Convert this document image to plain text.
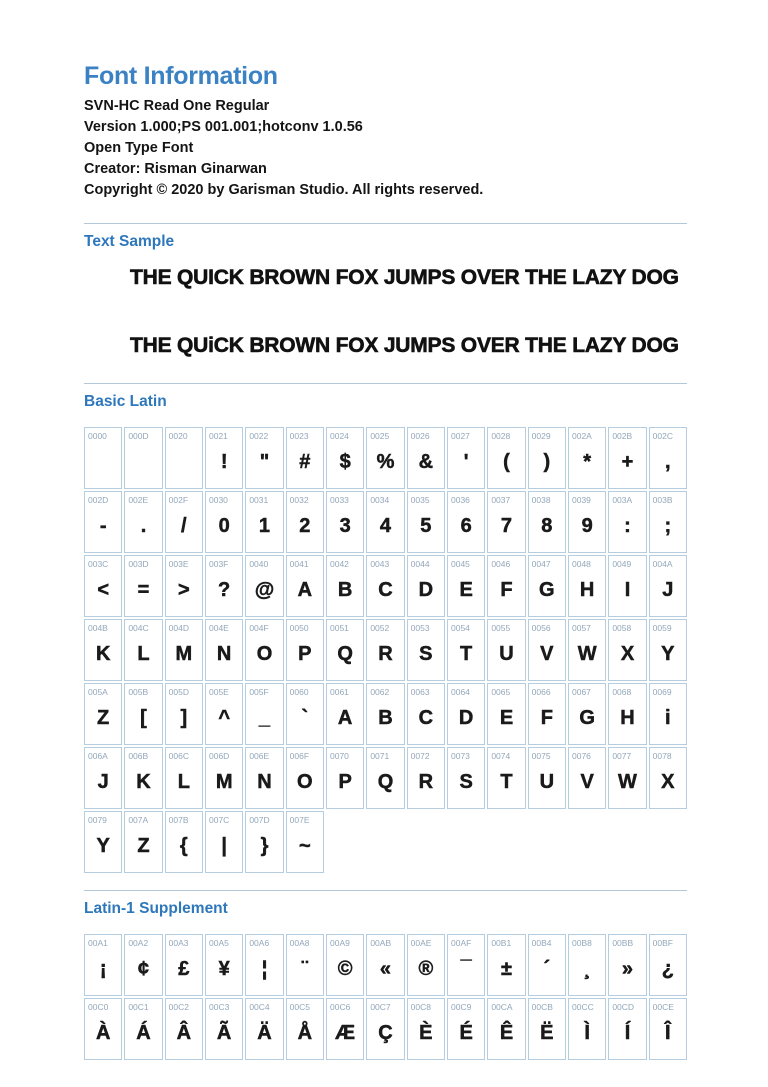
Font Information
SVN-HC Read One Regular
Version 1.000;PS 001.001;hotconv 1.0.56
Open Type Font
Creator: Risman Ginarwan
Copyright © 2020 by Garisman Studio. All rights reserved.
Text Sample
THE QUICK BROWN FOX JUMPS OVER THE LAZY DOG
THE QUiCK BROWN FOX JUMPS OVER THE LAZY DOG
Basic Latin
0000	000D	0020	0021
!
0022
"
0023
#
0024
$
0025
%
0026
&
0027
'
0028
(
0029
)
002A
*
002B
+
002C
,
002D
-
002E
.
002F
/
0030
0
0031
1
0032
2
0033
3
0034
4
0035
5
0036
6
0037
7
0038
8
0039
9
003A
:
003B
;
003C
<
003D
=
003E
>
003F
?
0040
@
0041
A
0042
B
0043
C
0044
D
0045
E
0046
F
0047
G
0048
H
0049
I
004A
J
004B
K
004C
L
004D
M
004E
N
004F
O
0050
P
0051
Q
0052
R
0053
S
0054
T
0055
U
0056
V
0057
W
0058
X
0059
Y
005A
Z
005B
[
005D
]
005E
^
005F
_
0060
`
0061
A
0062
B
0063
C
0064
D
0065
E
0066
F
0067
G
0068
H
0069
i
006A
J
006B
K
006C
L
006D
M
006E
N
006F
O
0070
P
0071
Q
0072
R
0073
S
0074
T
0075
U
0076
V
0077
W
0078
X
0079
Y
007A
Z
007B
{
007C
|
007D
}
007E
~
Latin-1 Supplement
00A1
¡
00A2
¢
00A3
£
00A5
¥
00A6
¦
00A8
¨
00A9
©
00AB
«
00AE
®
00AF
¯
00B1
±
00B4
´
00B8
¸
00BB
»
00BF
¿
00C0
À
00C1
Á
00C2
Â
00C3
Ã
00C4
Ä
00C5
Å
00C6
Æ
00C7
Ç
00C8
È
00C9
É
00CA
Ê
00CB
Ë
00CC
Ì
00CD
Í
00CE
Î
